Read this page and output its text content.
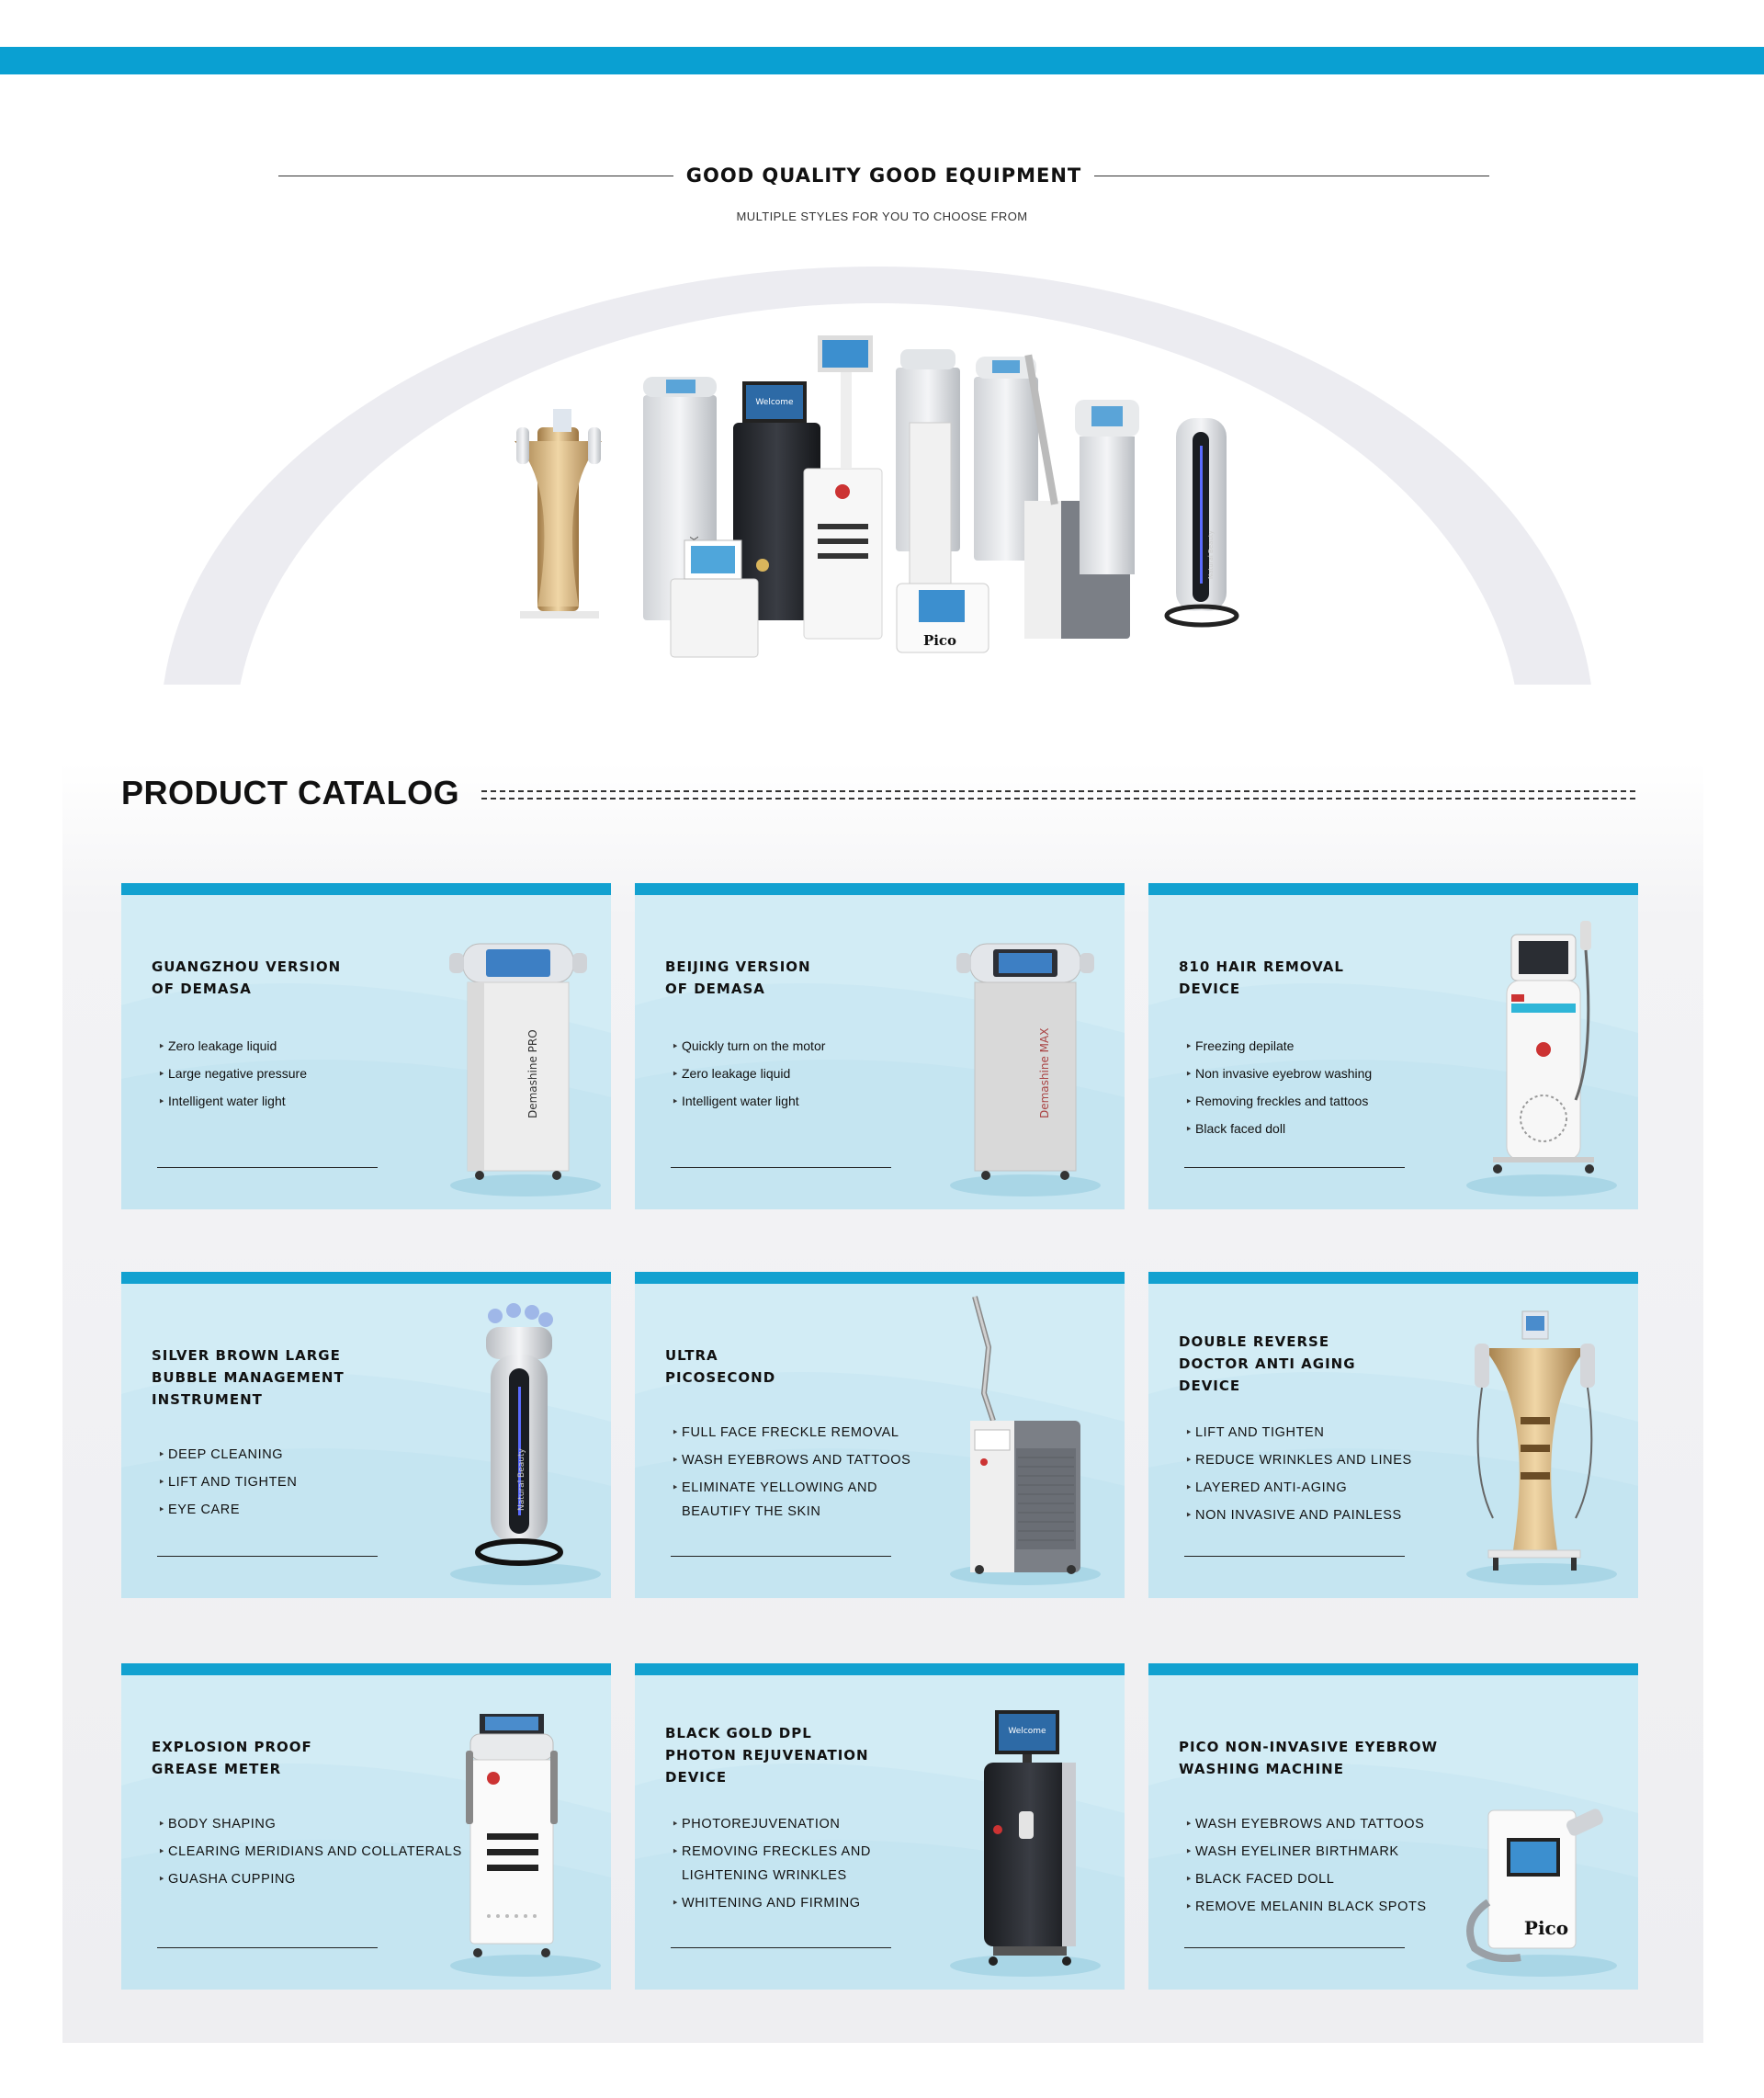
GOOD QUALITY GOOD EQUIPMENT
MULTIPLE STYLES FOR YOU TO CHOOSE FROM
Welcome
Pico
Natural Beauty
PRODUCT CATALOG
GUANGZHOU VERSION
OF DEMASA
‣ Zero leakage liquid
‣ Large negative pressure
‣ Intelligent water light	Demashine PRO
BEIJING VERSION
OF DEMASA
‣ Quickly turn on the motor
‣ Zero leakage liquid
‣ Intelligent water light	Demashine MAX
810 HAIR REMOVAL
DEVICE
‣ Freezing depilate
‣ Non invasive eyebrow washing
‣ Removing freckles and tattoos
‣ Black faced doll
SILVER BROWN LARGE
BUBBLE MANAGEMENT
INSTRUMENT
‣ DEEP CLEANING
‣ LIFT AND TIGHTEN
‣ EYE CARE	Natural Beauty
ULTRA
PICOSECOND
‣ FULL FACE FRECKLE REMOVAL
‣ WASH EYEBROWS AND TATTOOS
‣ ELIMINATE YELLOWING AND
BEAUTIFY THE SKIN
DOUBLE REVERSE
DOCTOR ANTI AGING
DEVICE
‣ LIFT AND TIGHTEN
‣ REDUCE WRINKLES AND LINES
‣ LAYERED ANTI-AGING
‣ NON INVASIVE AND PAINLESS
EXPLOSION PROOF
GREASE METER
‣ BODY SHAPING
‣ CLEARING MERIDIANS AND COLLATERALS
‣ GUASHA CUPPING
BLACK GOLD DPL
PHOTON REJUVENATION
DEVICE
‣ PHOTOREJUVENATION
‣ REMOVING FRECKLES AND
LIGHTENING WRINKLES
‣ WHITENING AND FIRMING
Welcome
PICO NON-INVASIVE EYEBROW
WASHING MACHINE
‣ WASH EYEBROWS AND TATTOOS
‣ WASH EYELINER BIRTHMARK
‣ BLACK FACED DOLL
‣ REMOVE MELANIN BLACK SPOTS
Pico
